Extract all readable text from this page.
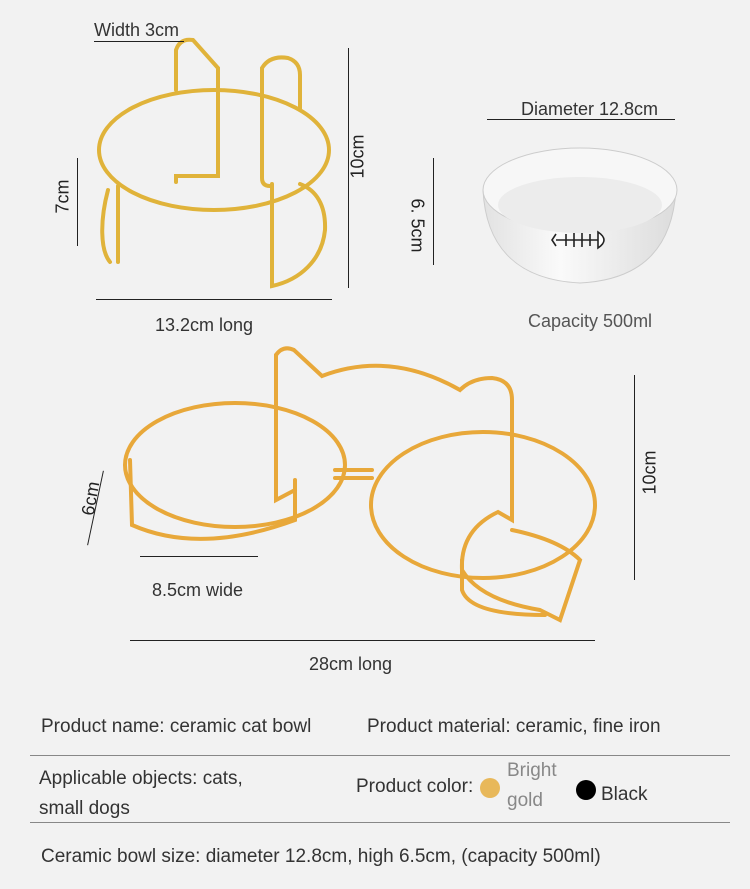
Width 3cm
10cm
7cm
13.2cm long
Diameter 12.8cm
6. 5cm
Capacity 500ml
10cm
6cm
8.5cm wide
28cm long
Product name: ceramic cat bowl	Product material: ceramic, fine iron
Applicable objects: cats,
small dogs
Product color:
Bright
gold	Black
Ceramic bowl size: diameter 12.8cm, high 6.5cm, (capacity 500ml)
